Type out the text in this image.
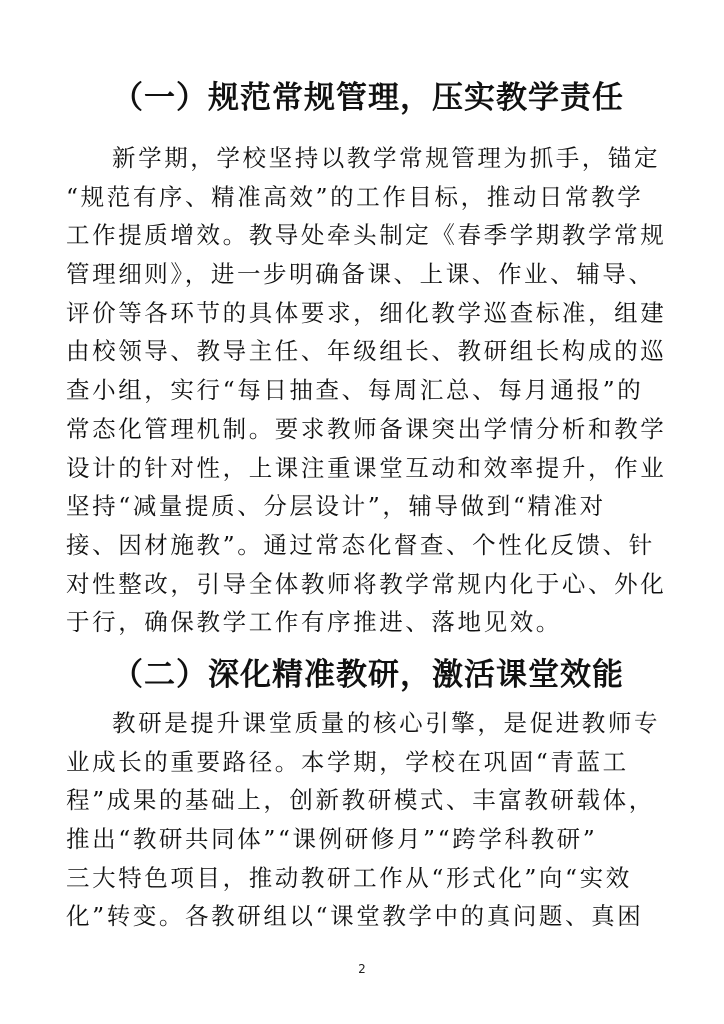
（一）规范常规管理，压实教学责任
新学期，学校坚持以教学常规管理为抓手，锚定
“规范有序、精准高效”的工作目标，推动日常教学
工作提质增效。教导处牵头制定《春季学期教学常规
管理细则》，进一步明确备课、上课、作业、辅导、
评价等各环节的具体要求，细化教学巡查标准，组建
由校领导、教导主任、年级组长、教研组长构成的巡
查小组，实行“每日抽查、每周汇总、每月通报”的
常态化管理机制。要求教师备课突出学情分析和教学
设计的针对性，上课注重课堂互动和效率提升，作业
坚持“减量提质、分层设计”，辅导做到“精准对
接、因材施教”。通过常态化督查、个性化反馈、针
对性整改，引导全体教师将教学常规内化于心、外化
于行，确保教学工作有序推进、落地见效。
（二）深化精准教研，激活课堂效能
教研是提升课堂质量的核心引擎，是促进教师专
业成长的重要路径。本学期，学校在巩固“青蓝工
程”成果的基础上，创新教研模式、丰富教研载体，
推出“教研共同体”“课例研修月”“跨学科教研”
三大特色项目，推动教研工作从“形式化”向“实效
化”转变。各教研组以“课堂教学中的真问题、真困
2
